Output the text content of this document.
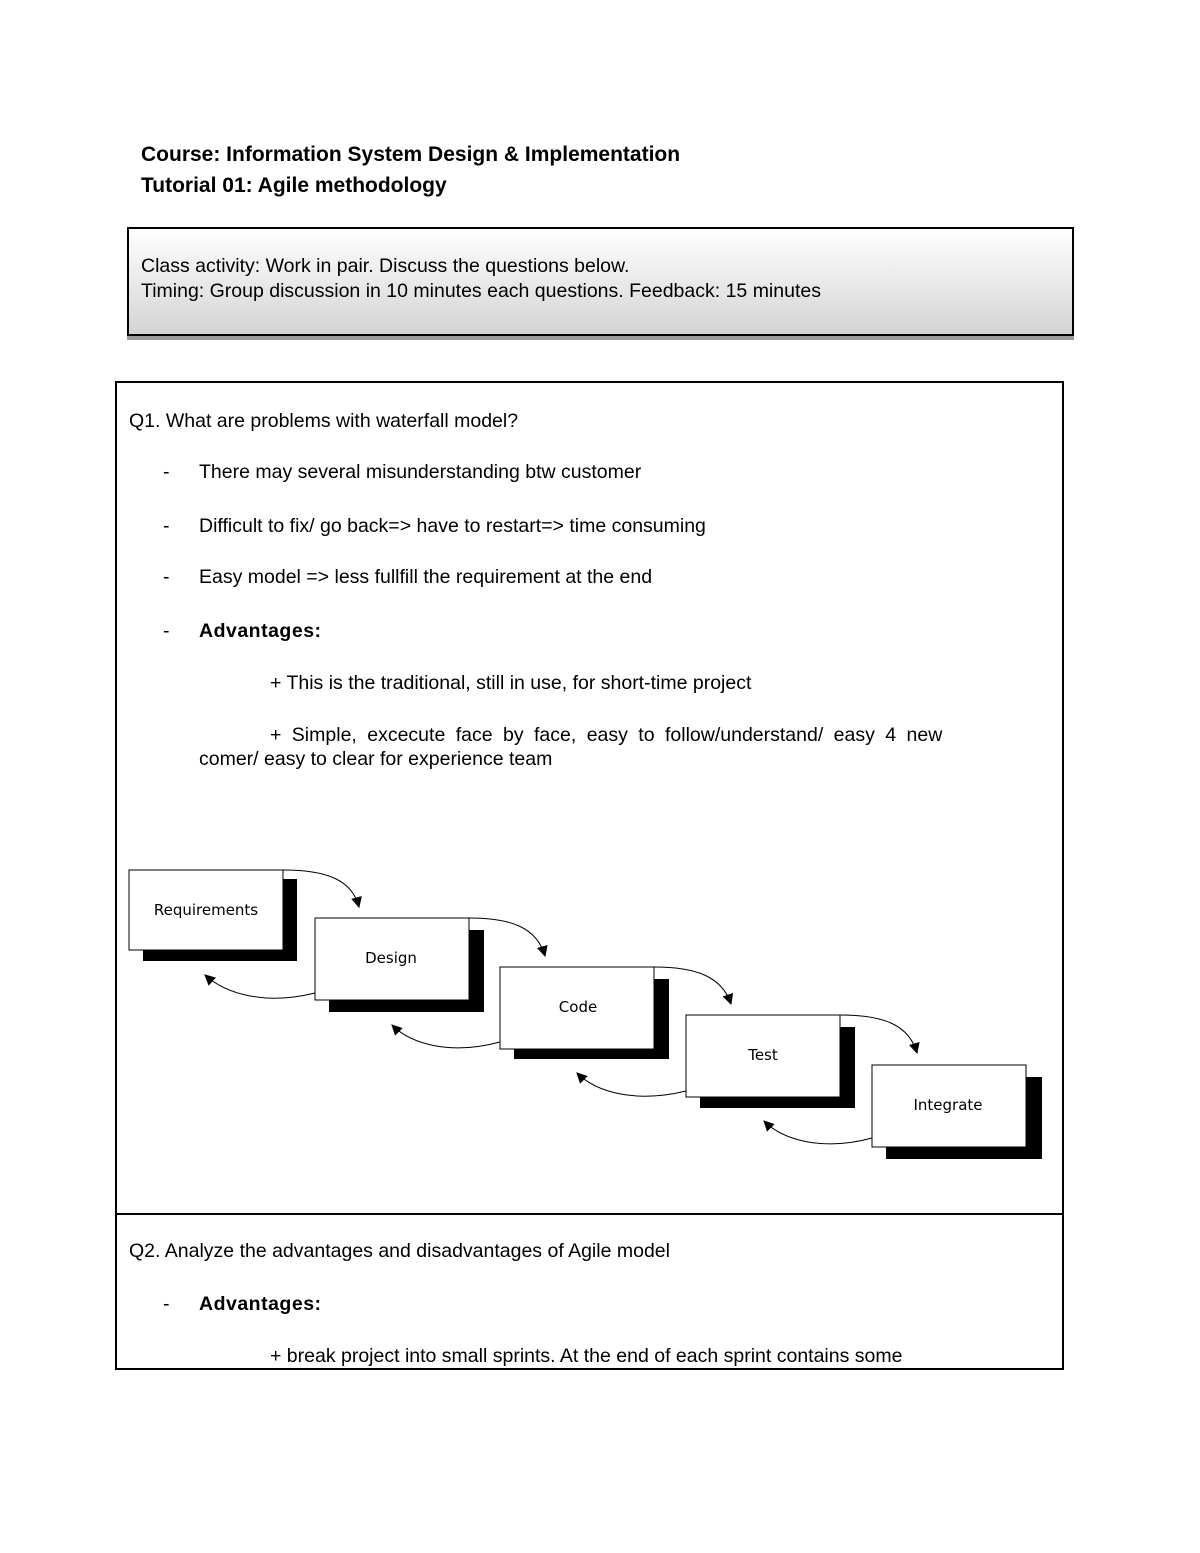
Course: Information System Design & Implementation
Tutorial 01: Agile methodology
Class activity: Work in pair. Discuss the questions below.
Timing: Group discussion in 10 minutes each questions. Feedback: 15 minutes
Q1. What are problems with waterfall model?
- There may several misunderstanding btw customer
- Difficult to fix/ go back=> have to restart=> time consuming
- Easy model => less fullfill the requirement at the end
- Advantages:
+ This is the traditional, still in use, for short-time project
+ Simple, excecute face by face, easy to follow/understand/ easy 4 new
comer/ easy to clear for experience team
Q2. Analyze the advantages and disadvantages of Agile model
- Advantages:
+ break project into small sprints. At the end of each sprint contains some
Requirements
Design
Code
Test
Integrate
